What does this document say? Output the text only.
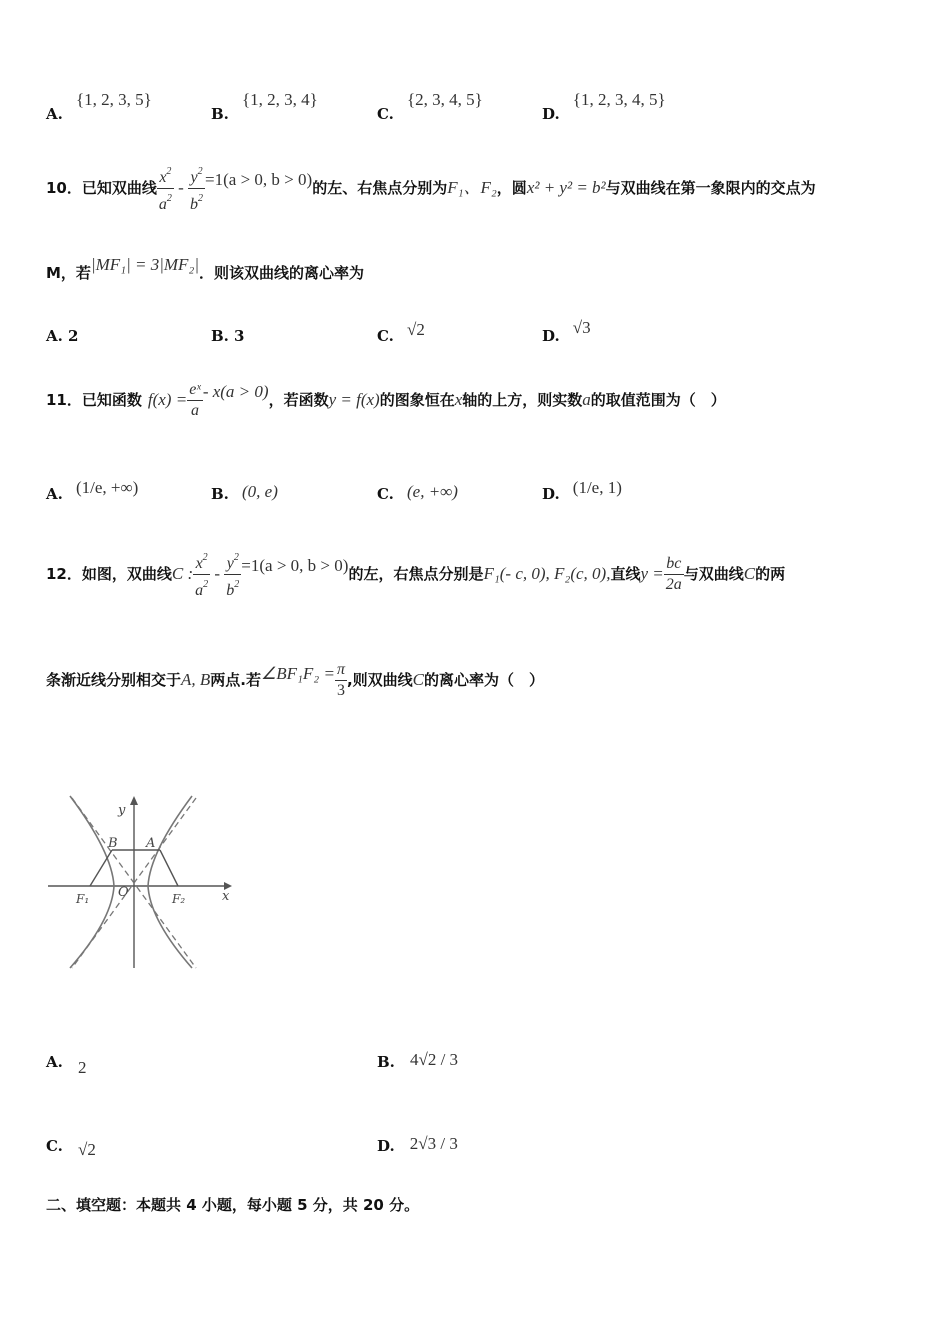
A. {1, 2, 3, 5}
B. {1, 2, 3, 4}
C. {2, 3, 4, 5}
D. {1, 2, 3, 4, 5}
10．已知双曲线 $\frac{x^2}{a^2} - \frac{y^2}{b^2} =1(a > 0$, b > 0)的左、右焦点分别为F₁、F₂，圆x² + y² = b²与双曲线在第一象限内的交点为
M，若|MF₁| = 3|MF₂|．则该双曲线的离心率为
A. 2	B. 3	C. √2	D. √3
11．已知函数 $f(x) = \frac{\text{eˣ}}{a} - x(a > 0)$，若函数y = f(x)的图象恒在x轴的上方，则实数a的取值范围为（　）
A. (1/e, +∞)	B. (0, e)	C. (e, +∞)	D. (1/e, 1)
12．如图，双曲线C : $\frac{x^2}{a^2} - \frac{y^2}{b^2} =1(a > 0$, b > 0)的左，右焦点分别是F₁(- c, 0), F₂(c, 0),直线$y = \frac{bc}{2a}$ 与双曲线C的两
条渐近线分别相交于A, B两点.若∠BF₁F₂ = $\frac{\pi}{3}$ ,则双曲线C的离心率为（　）
y
x
A
B
O
F₁	F₂
A. 2	B. 4√2 / 3
C. √2	D. 2√3 / 3
二、填空题：本题共 4 小题，每小题 5 分，共 20 分。
